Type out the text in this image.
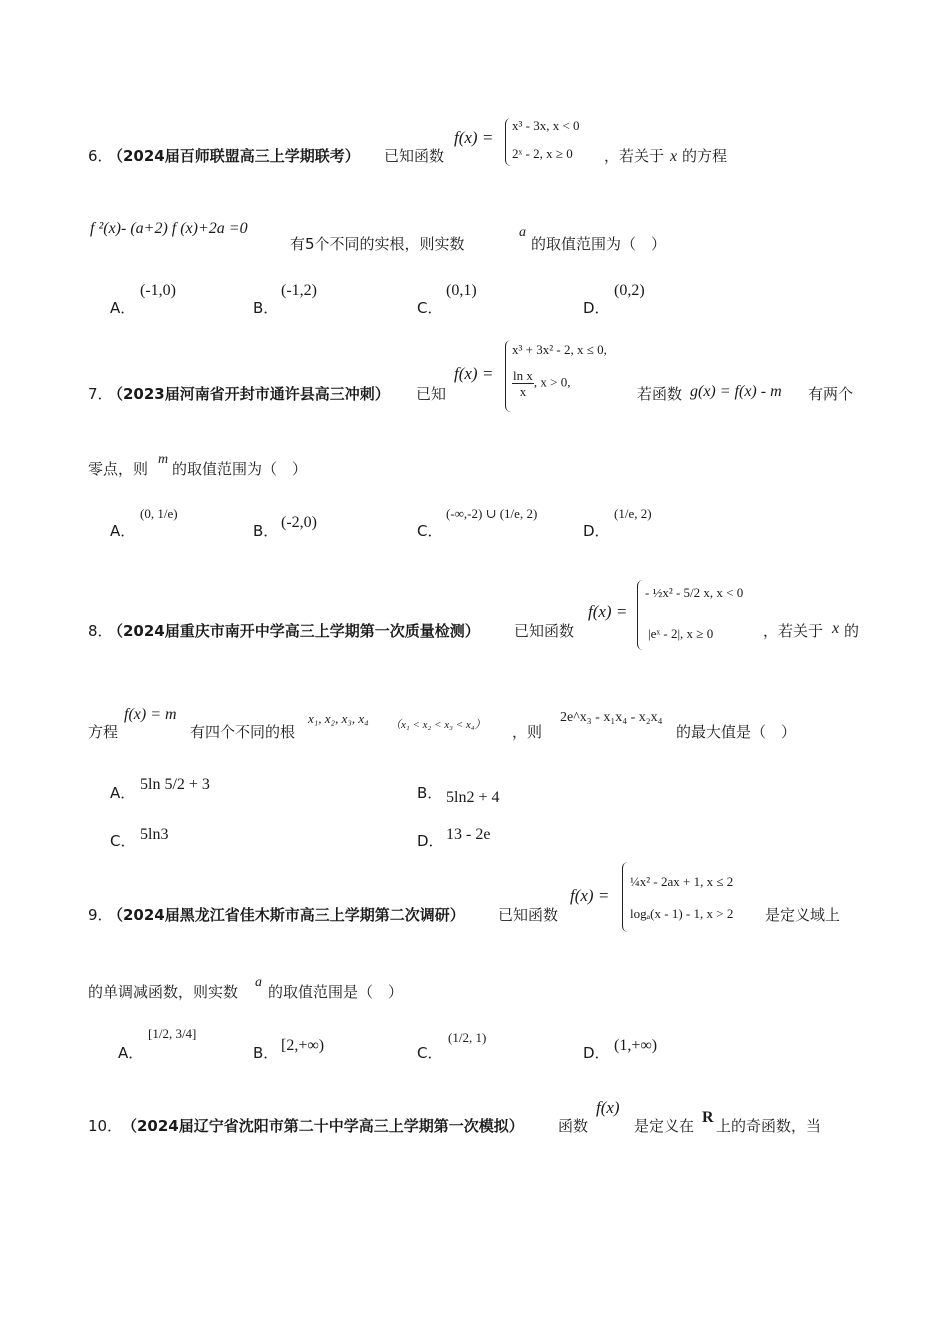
6．
（2024届百师联盟高三上学期联考） 已知函数
f(x) =
x³ - 3x, x < 0
2ˣ - 2, x ≥ 0 ，若关于 x 的方程
f ²(x)- (a+2) f (x)+2a =0
有5个不同的实根，则实数
a
的取值范围为（　）
A．
(-1,0)
B．
(-1,2)
C．
(0,1)
D．
(0,2)
7．
（2023届河南省开封市通许县高三冲刺） 已知
f(x) =
x³ + 3x² - 2, x ≤ 0,
$\frac{\text{ln x}}{x}$ , x > 0,
若函数 g(x) = f(x) - m 有两个
零点，则
m
的取值范围为（　）
A．
(0, 1/e)
B． (-2,0)	C．
(-∞,-2) ∪ (1/e, 2)
D．
(1/e, 2)
8．
（2024届重庆市南开中学高三上学期第一次质量检测） 已知函数
f(x) =
- ½x² - 5/2 x, x < 0
|eˣ - 2|, x ≥ 0	，若关于 x 的
方程
f(x) = m
有四个不同的根
x₁, x₂, x₃, x₄ （x₁ < x₂ < x₃ < x₄） ，则
2e^x₃ - x₁x₄ - x₂x₄
的最大值是（　）
A． 5ln 5/2 + 3	B． 5ln2 + 4
C． 5ln3	D． 13 - 2e
9．
（2024届黑龙江省佳木斯市高三上学期第二次调研） 已知函数
f(x) =
¼x² - 2ax + 1, x ≤ 2
logₐ(x - 1) - 1, x > 2 是定义域上
的单调减函数，则实数
a
的取值范围是（　）
A．
[1/2, 3/4]
B． [2,+∞)	C．
(1/2, 1)
D． (1,+∞)
10． （2024届辽宁省沈阳市第二十中学高三上学期第一次模拟） 函数
f(x)
是定义在 R 上的奇函数，当
